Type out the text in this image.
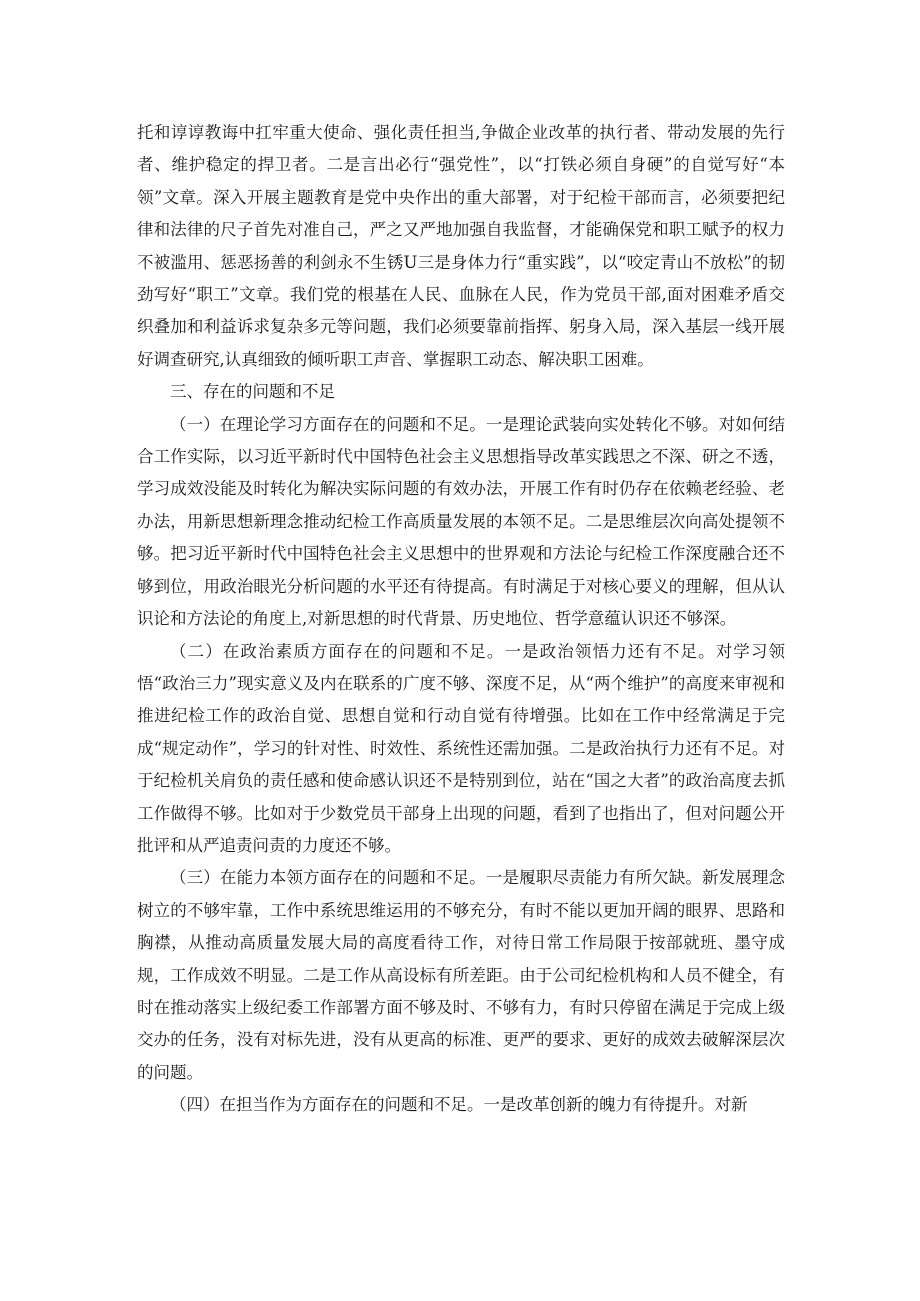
托和谆谆教诲中扛牢重大使命、强化责任担当,争做企业改革的执行者、带动发展的先行者、维护稳定的捍卫者。二是言出必行“强党性”，以“打铁必须自身硬”的自觉写好“本领”文章。深入开展主题教育是党中央作出的重大部署，对于纪检干部而言，必须要把纪律和法律的尺子首先对准自己，严之又严地加强自我监督，才能确保党和职工赋予的权力不被滥用、惩恶扬善的利剑永不生锈U三是身体力行“重实践”，以“咬定青山不放松”的韧劲写好“职工”文章。我们党的根基在人民、血脉在人民，作为党员干部,面对困难矛盾交织叠加和利益诉求复杂多元等问题，我们必须要靠前指挥、躬身入局，深入基层一线开展好调查研究,认真细致的倾听职工声音、掌握职工动态、解决职工困难。

三、存在的问题和不足

（一）在理论学习方面存在的问题和不足。一是理论武装向实处转化不够。对如何结合工作实际，以习近平新时代中国特色社会主义思想指导改革实践思之不深、研之不透，学习成效没能及时转化为解决实际问题的有效办法，开展工作有时仍存在依赖老经验、老办法，用新思想新理念推动纪检工作高质量发展的本领不足。二是思维层次向高处提领不够。把习近平新时代中国特色社会主义思想中的世界观和方法论与纪检工作深度融合还不够到位，用政治眼光分析问题的水平还有待提高。有时满足于对核心要义的理解，但从认识论和方法论的角度上,对新思想的时代背景、历史地位、哲学意蕴认识还不够深。

（二）在政治素质方面存在的问题和不足。一是政治领悟力还有不足。对学习领悟“政治三力”现实意义及内在联系的广度不够、深度不足，从“两个维护”的高度来审视和推进纪检工作的政治自觉、思想自觉和行动自觉有待增强。比如在工作中经常满足于完成“规定动作”，学习的针对性、时效性、系统性还需加强。二是政治执行力还有不足。对于纪检机关肩负的责任感和使命感认识还不是特别到位，站在“国之大者”的政治高度去抓工作做得不够。比如对于少数党员干部身上出现的问题，看到了也指出了，但对问题公开批评和从严追责问责的力度还不够。

（三）在能力本领方面存在的问题和不足。一是履职尽责能力有所欠缺。新发展理念树立的不够牢靠，工作中系统思维运用的不够充分，有时不能以更加开阔的眼界、思路和胸襟，从推动高质量发展大局的高度看待工作，对待日常工作局限于按部就班、墨守成规，工作成效不明显。二是工作从高设标有所差距。由于公司纪检机构和人员不健全，有时在推动落实上级纪委工作部署方面不够及时、不够有力，有时只停留在满足于完成上级交办的任务，没有对标先进，没有从更高的标准、更严的要求、更好的成效去破解深层次的问题。

（四）在担当作为方面存在的问题和不足。一是改革创新的魄力有待提升。对新
